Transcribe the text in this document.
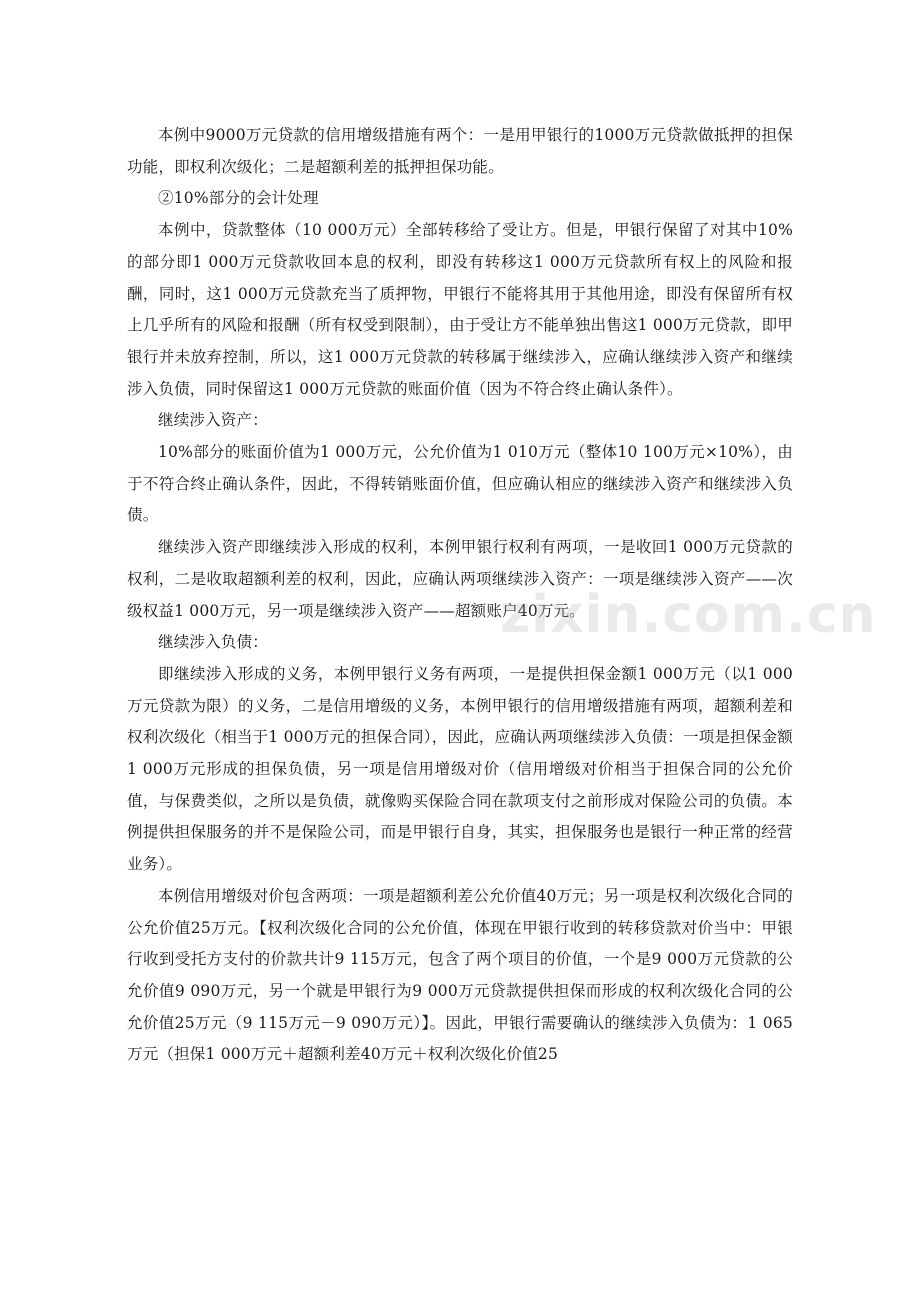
本例中9000万元贷款的信用增级措施有两个：一是用甲银行的1000万元贷款做抵押的担保功能，即权利次级化；二是超额利差的抵押担保功能。

②10%部分的会计处理

本例中，贷款整体（10 000万元）全部转移给了受让方。但是，甲银行保留了对其中10%的部分即1 000万元贷款收回本息的权利，即没有转移这1 000万元贷款所有权上的风险和报酬，同时，这1 000万元贷款充当了质押物，甲银行不能将其用于其他用途，即没有保留所有权上几乎所有的风险和报酬（所有权受到限制），由于受让方不能单独出售这1 000万元贷款，即甲银行并未放弃控制，所以，这1 000万元贷款的转移属于继续涉入，应确认继续涉入资产和继续涉入负债，同时保留这1 000万元贷款的账面价值（因为不符合终止确认条件）。

继续涉入资产：

10%部分的账面价值为1 000万元，公允价值为1 010万元（整体10 100万元×10%），由于不符合终止确认条件，因此，不得转销账面价值，但应确认相应的继续涉入资产和继续涉入负债。

继续涉入资产即继续涉入形成的权利，本例甲银行权利有两项，一是收回1 000万元贷款的权利，二是收取超额利差的权利，因此，应确认两项继续涉入资产：一项是继续涉入资产——次级权益1 000万元，另一项是继续涉入资产——超额账户40万元。

继续涉入负债：

即继续涉入形成的义务，本例甲银行义务有两项，一是提供担保金额1 000万元（以1 000万元贷款为限）的义务，二是信用增级的义务，本例甲银行的信用增级措施有两项，超额利差和权利次级化（相当于1 000万元的担保合同），因此，应确认两项继续涉入负债：一项是担保金额1 000万元形成的担保负债，另一项是信用增级对价（信用增级对价相当于担保合同的公允价值，与保费类似，之所以是负债，就像购买保险合同在款项支付之前形成对保险公司的负债。本例提供担保服务的并不是保险公司，而是甲银行自身，其实，担保服务也是银行一种正常的经营业务）。

本例信用增级对价包含两项：一项是超额利差公允价值40万元；另一项是权利次级化合同的公允价值25万元。【权利次级化合同的公允价值，体现在甲银行收到的转移贷款对价当中：甲银行收到受托方支付的价款共计9 115万元，包含了两个项目的价值，一个是9 000万元贷款的公允价值9 090万元，另一个就是甲银行为9 000万元贷款提供担保而形成的权利次级化合同的公允价值25万元（9 115万元－9 090万元）】。因此，甲银行需要确认的继续涉入负债为：1 065万元（担保1 000万元＋超额利差40万元＋权利次级化价值25

zixin.com.cn
